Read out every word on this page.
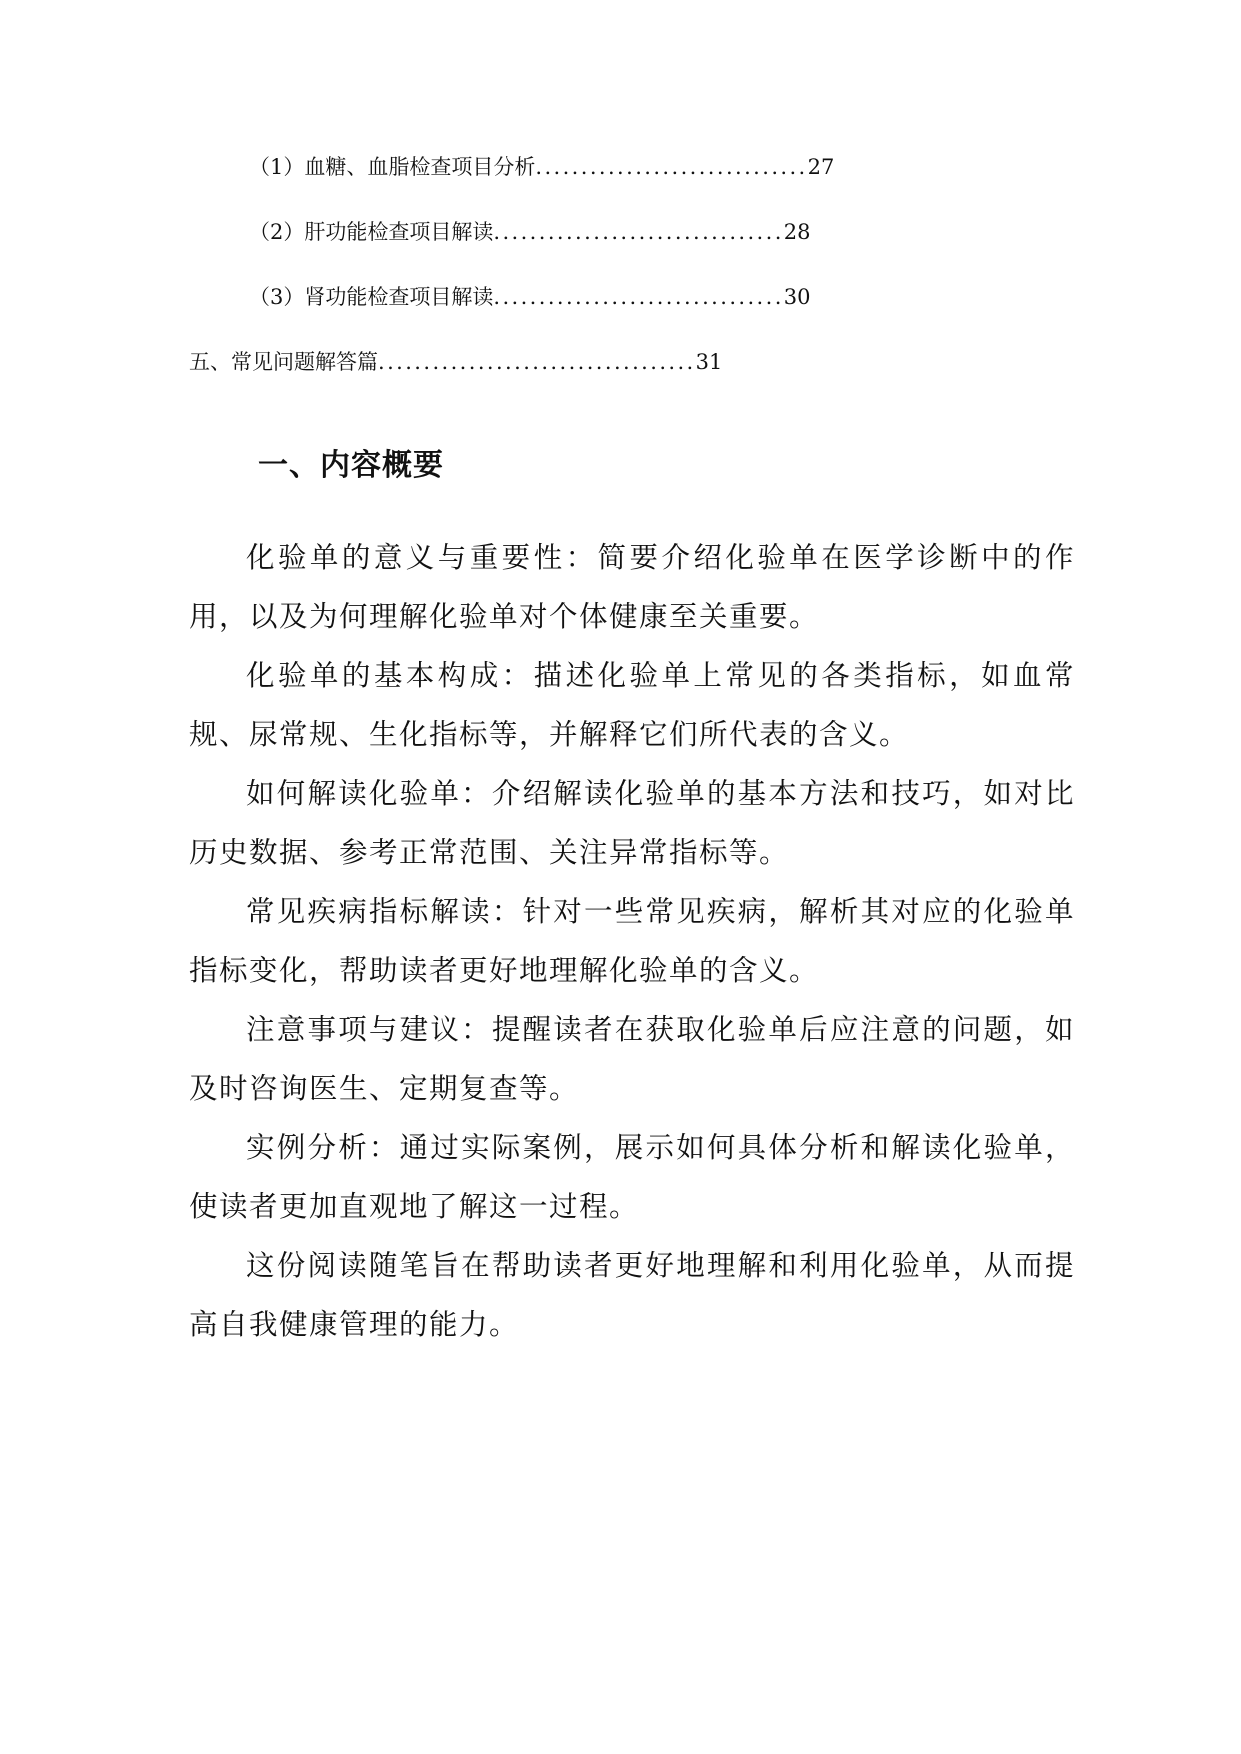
（1）血糖、血脂检查项目分析..............................27
（2）肝功能检查项目解读................................28
（3）肾功能检查项目解读................................30
五、常见问题解答篇...................................31
一、内容概要

化验单的意义与重要性：简要介绍化验单在医学诊断中的作用，以及为何理解化验单对个体健康至关重要。

化验单的基本构成：描述化验单上常见的各类指标，如血常规、尿常规、生化指标等，并解释它们所代表的含义。

如何解读化验单：介绍解读化验单的基本方法和技巧，如对比历史数据、参考正常范围、关注异常指标等。

常见疾病指标解读：针对一些常见疾病，解析其对应的化验单指标变化，帮助读者更好地理解化验单的含义。

注意事项与建议：提醒读者在获取化验单后应注意的问题，如及时咨询医生、定期复查等。

实例分析：通过实际案例，展示如何具体分析和解读化验单，使读者更加直观地了解这一过程。

这份阅读随笔旨在帮助读者更好地理解和利用化验单，从而提高自我健康管理的能力。
